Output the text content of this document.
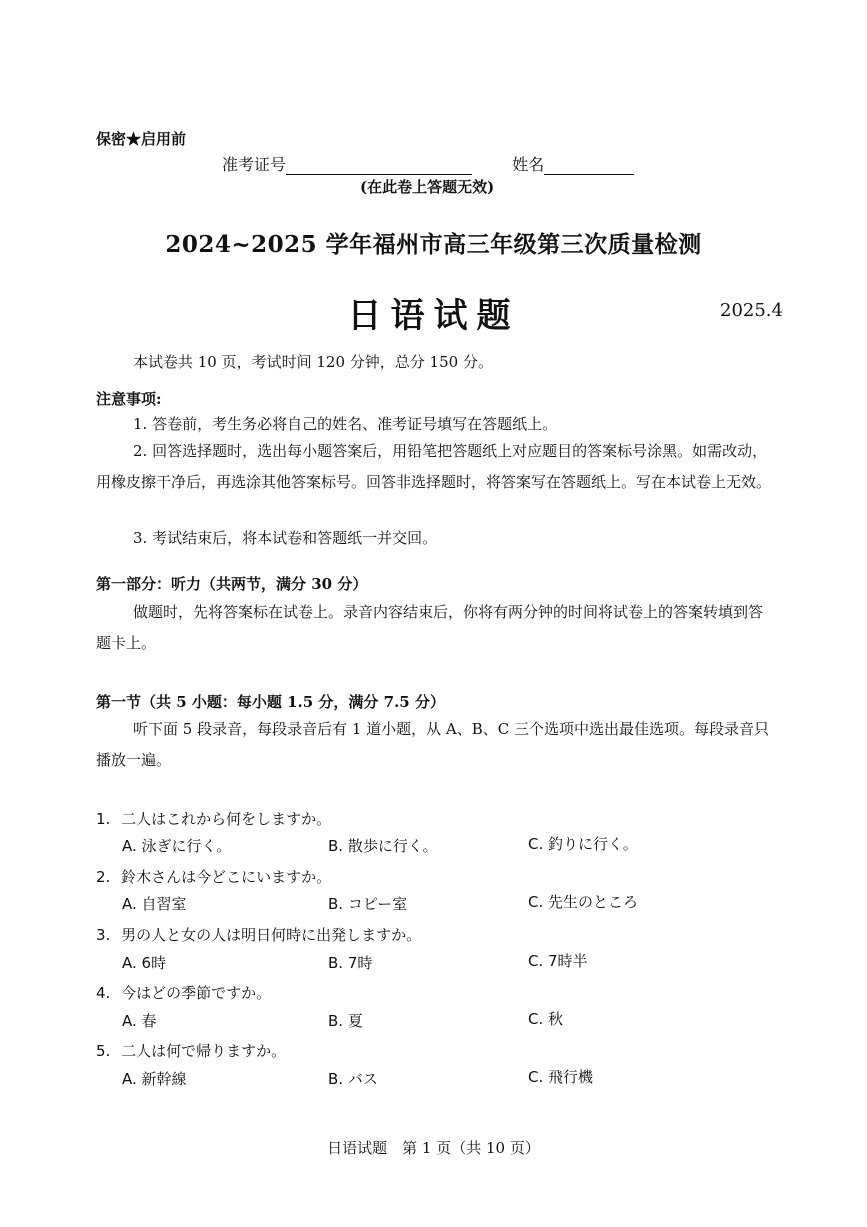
保密★启用前
准考证号	姓名
(在此卷上答题无效)
2024~2025 学年福州市高三年级第三次质量检测
日语试题	2025.4
本试卷共 10 页，考试时间 120 分钟，总分 150 分。
注意事项:
1. 答卷前，考生务必将自己的姓名、准考证号填写在答题纸上。
2. 回答选择题时，选出每小题答案后，用铅笔把答题纸上对应题目的答案标号涂黑。如需改动，用橡皮擦干净后，再选涂其他答案标号。回答非选择题时，将答案写在答题纸上。写在本试卷上无效。
3. 考试结束后，将本试卷和答题纸一并交回。
第一部分：听力（共两节，满分 30 分）
做题时，先将答案标在试卷上。录音内容结束后，你将有两分钟的时间将试卷上的答案转填到答题卡上。
第一节（共 5 小题：每小题 1.5 分，满分 7.5 分）
听下面 5 段录音，每段录音后有 1 道小题，从 A、B、C 三个选项中选出最佳选项。每段录音只播放一遍。
1. 二人はこれから何をしますか。
A. 泳ぎに行く。	B. 散歩に行く。	C. 釣りに行く。
2. 鈴木さんは今どこにいますか。
A. 自習室	B. コピー室	C. 先生のところ
3. 男の人と女の人は明日何時に出発しますか。
A. 6時	B. 7時	C. 7時半
4. 今はどの季節ですか。
A. 春	B. 夏	C. 秋
5. 二人は何で帰りますか。
A. 新幹線	B. バス	C. 飛行機
日语试题　第 1 页（共 10 页）
